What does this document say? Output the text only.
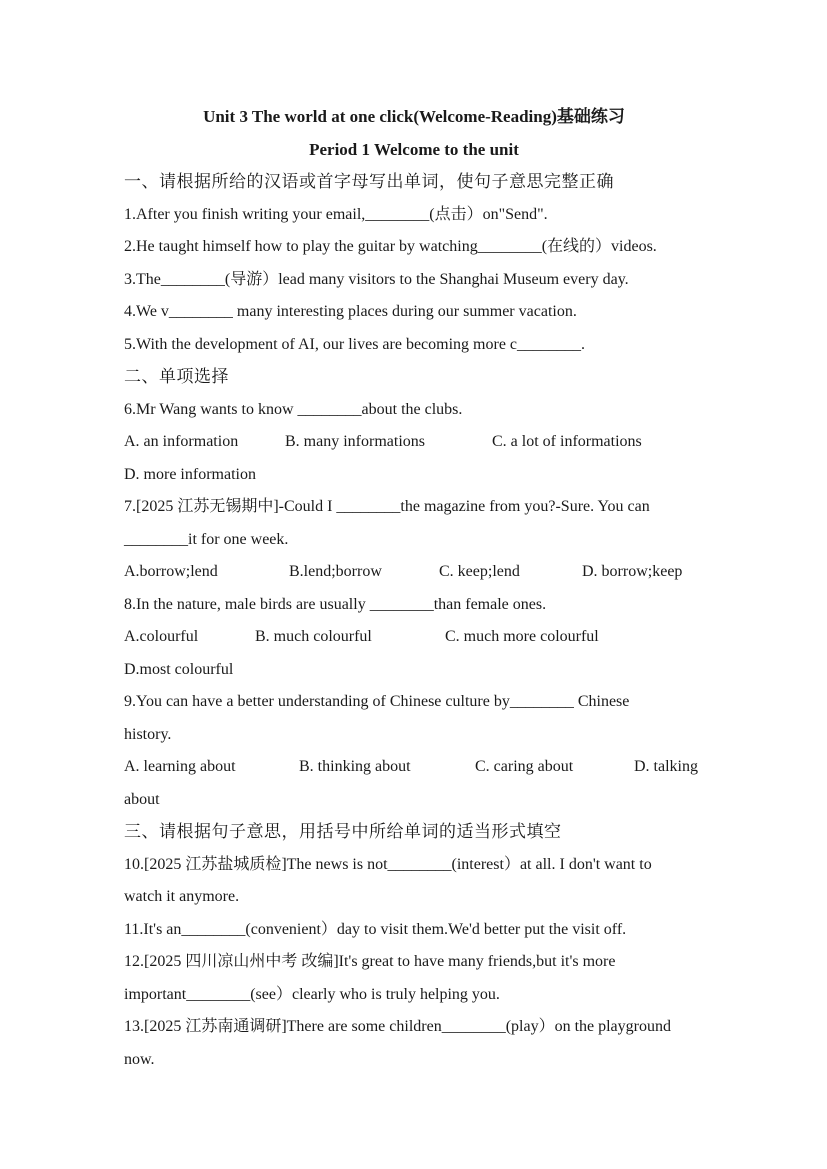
Unit 3 The world at one click(Welcome-Reading)基础练习
Period 1 Welcome to the unit
一、请根据所给的汉语或首字母写出单词，使句子意思完整正确
1.After you finish writing your email,________(点击）on"Send".
2.He taught himself how to play the guitar by watching________(在线的）videos.
3.The________(导游）lead many visitors to the Shanghai Museum every day.
4.We v________ many interesting places during our summer vacation.
5.With the development of AI, our lives are becoming more c________.
二、单项选择
6.Mr Wang wants to know ________about the clubs.
A. an information	B. many informations	C. a lot of informations
D. more information
7.[2025 江苏无锡期中]-Could I ________the magazine from you?-Sure. You can
________it for one week.
A.borrow;lend	B.lend;borrow	C. keep;lend	D. borrow;keep
8.In the nature, male birds are usually ________than female ones.
A.colourful	B. much colourful	C. much more colourful
D.most colourful
9.You can have a better understanding of Chinese culture by________ Chinese
history.
A. learning about	B. thinking about	C. caring about	D. talking
about
三、请根据句子意思，用括号中所给单词的适当形式填空
10.[2025 江苏盐城质检]The news is not________(interest）at all. I don't want to
watch it anymore.
11.It's an________(convenient）day to visit them.We'd better put the visit off.
12.[2025 四川凉山州中考 改编]It's great to have many friends,but it's more
important________(see）clearly who is truly helping you.
13.[2025 江苏南通调研]There are some children________(play）on the playground
now.
